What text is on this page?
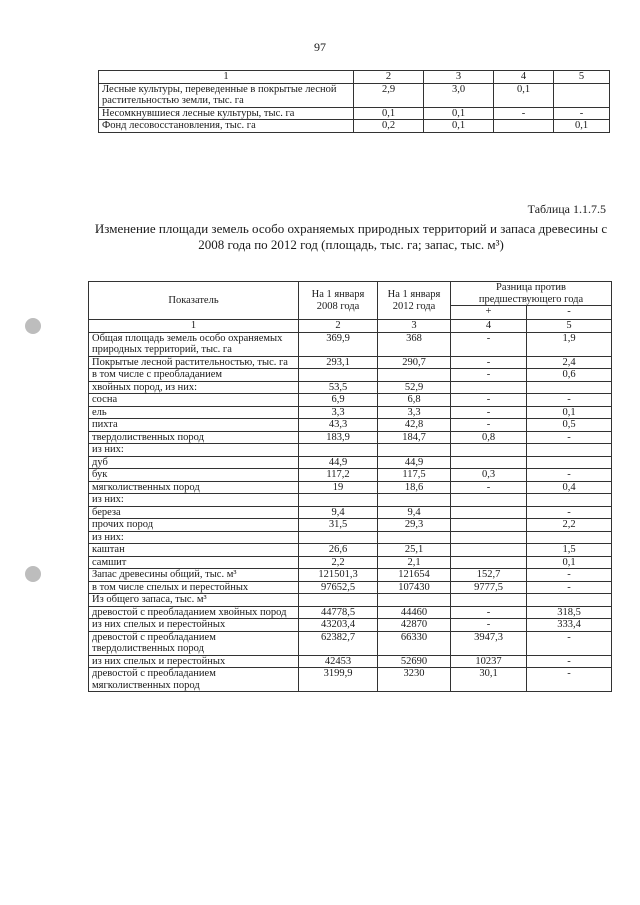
97
1	2	3	4	5
Лесные культуры, переведенные в покрытые лесной растительностью земли, тыс. га	2,9	3,0	0,1	
Несомкнувшиеся лесные культуры, тыс. га	0,1	0,1	-	-
Фонд лесовосстановления, тыс. га	0,2	0,1		0,1
Таблица 1.1.7.5
Изменение площади земель особо охраняемых природных территорий и запаса древесины с 2008 года по 2012 год (площадь, тыс. га; запас, тыс. м³)
Показатель	На 1 января 2008 года	На 1 января 2012 года	Разница против предшествующего года	
			+	-
1	2	3	4	5
Общая площадь земель особо охраняемых природных территорий, тыс. га	369,9	368	-	1,9
Покрытые лесной растительностью, тыс. га	293,1	290,7	-	2,4
в том числе с преобладанием			-	0,6
хвойных пород, из них:	53,5	52,9		
сосна	6,9	6,8	-	-
ель	3,3	3,3	-	0,1
пихта	43,3	42,8	-	0,5
твердолиственных пород	183,9	184,7	0,8	-
из них:				
дуб	44,9	44,9		
бук	117,2	117,5	0,3	-
мягколиственных пород	19	18,6	-	0,4
из них:				
береза	9,4	9,4		-
прочих пород	31,5	29,3		2,2
из них:				
каштан	26,6	25,1		1,5
самшит	2,2	2,1		0,1
Запас древесины общий, тыс. м³	121501,3	121654	152,7	-
в том числе спелых и перестойных	97652,5	107430	9777,5	-
Из общего запаса, тыс. м³				
древостой с преобладанием хвойных пород	44778,5	44460	-	318,5
из них спелых и перестойных	43203,4	42870	-	333,4
древостой с преобладанием твердолиственных пород	62382,7	66330	3947,3	-
из них спелых и перестойных	42453	52690	10237	-
древостой с преобладанием мягколиственных пород	3199,9	3230	30,1	-
